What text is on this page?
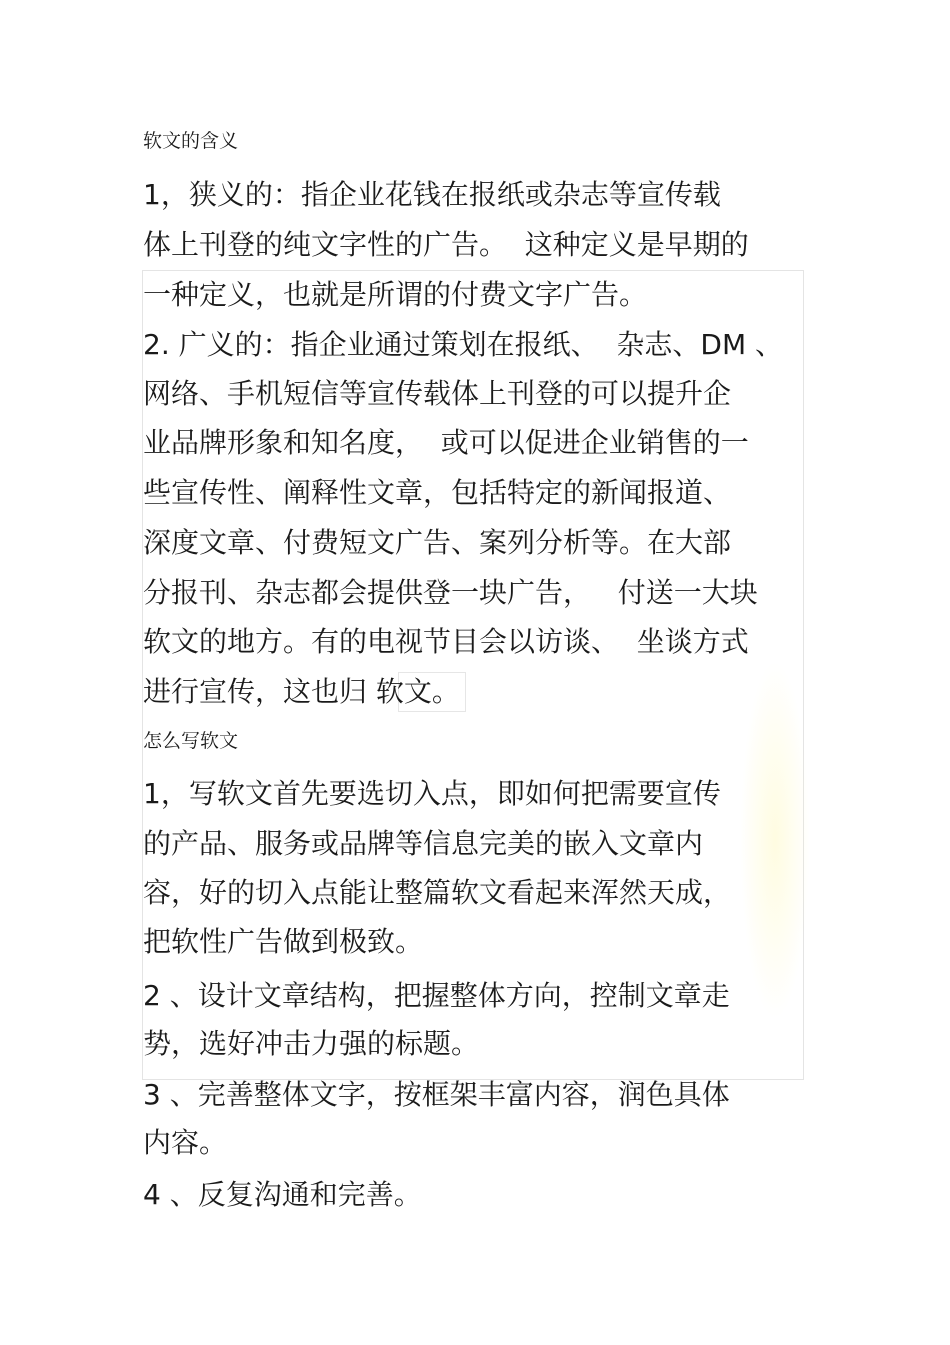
软文的含义
1，狭义的：指企业花钱在报纸或杂志等宣传载
体上刊登的纯文字性的广告。  这种定义是早期的
一种定义，也就是所谓的付费文字广告。
2. 广义的：指企业通过策划在报纸、  杂志、DM 、
网络、手机短信等宣传载体上刊登的可以提升企
业品牌形象和知名度，  或可以促进企业销售的一
些宣传性、阐释性文章，包括特定的新闻报道、
深度文章、付费短文广告、案列分析等。在大部
分报刊、杂志都会提供登一块广告，   付送一大块
软文的地方。有的电视节目会以访谈、  坐谈方式
进行宣传，这也归 软文。
怎么写软文
1，写软文首先要选切入点，即如何把需要宣传
的产品、服务或品牌等信息完美的嵌入文章内
容，好的切入点能让整篇软文看起来浑然天成，
把软性广告做到极致。
2 、设计文章结构，把握整体方向，控制文章走
势，选好冲击力强的标题。
3 、完善整体文字，按框架丰富内容，润色具体
内容。
4 、反复沟通和完善。
